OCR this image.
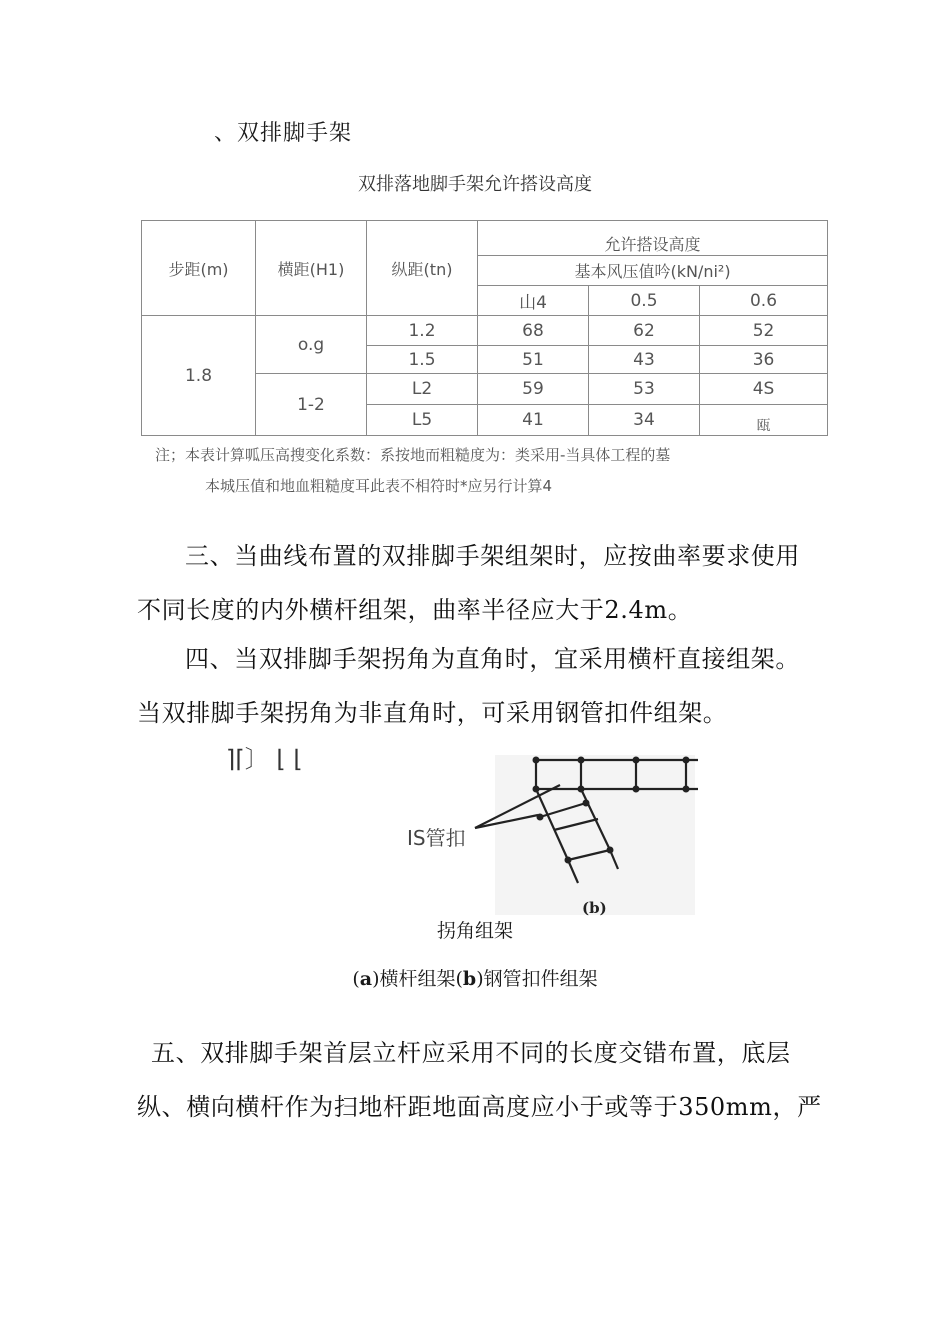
、双排脚手架
双排落地脚手架允许搭设高度
步距(m)	横距(H1)	纵距(tn)	允许搭设高度		
			基本风压值吟(kN/ni²)		
			山4	0.5	0.6
1.8	o.g	1.2	68	62	52
		1.5	51	43	36
	1-2	L2	59	53	4S
		L5	41	34	瓯
注；本表计算呱压高搜变化系数：系按地而粗糙度为：类采用-当具体工程的墓
本城压值和地血粗糙度耳此表不相符时*应另行计算4
三、当曲线布置的双排脚手架组架时，应按曲率要求使用
不同长度的内外横杆组架，曲率半径应大于2.4m。
四、当双排脚手架拐角为直角时，宜采用横杆直接组架。
当双排脚手架拐角为非直角时，可采用钢管扣件组架。
⌉⌈〕 ⌊ ⌊
IS管扣
(b)
拐角组架
(a)横杆组架(b)钢管扣件组架
五、双排脚手架首层立杆应采用不同的长度交错布置，底层
纵、横向横杆作为扫地杆距地面高度应小于或等于350mm，严
